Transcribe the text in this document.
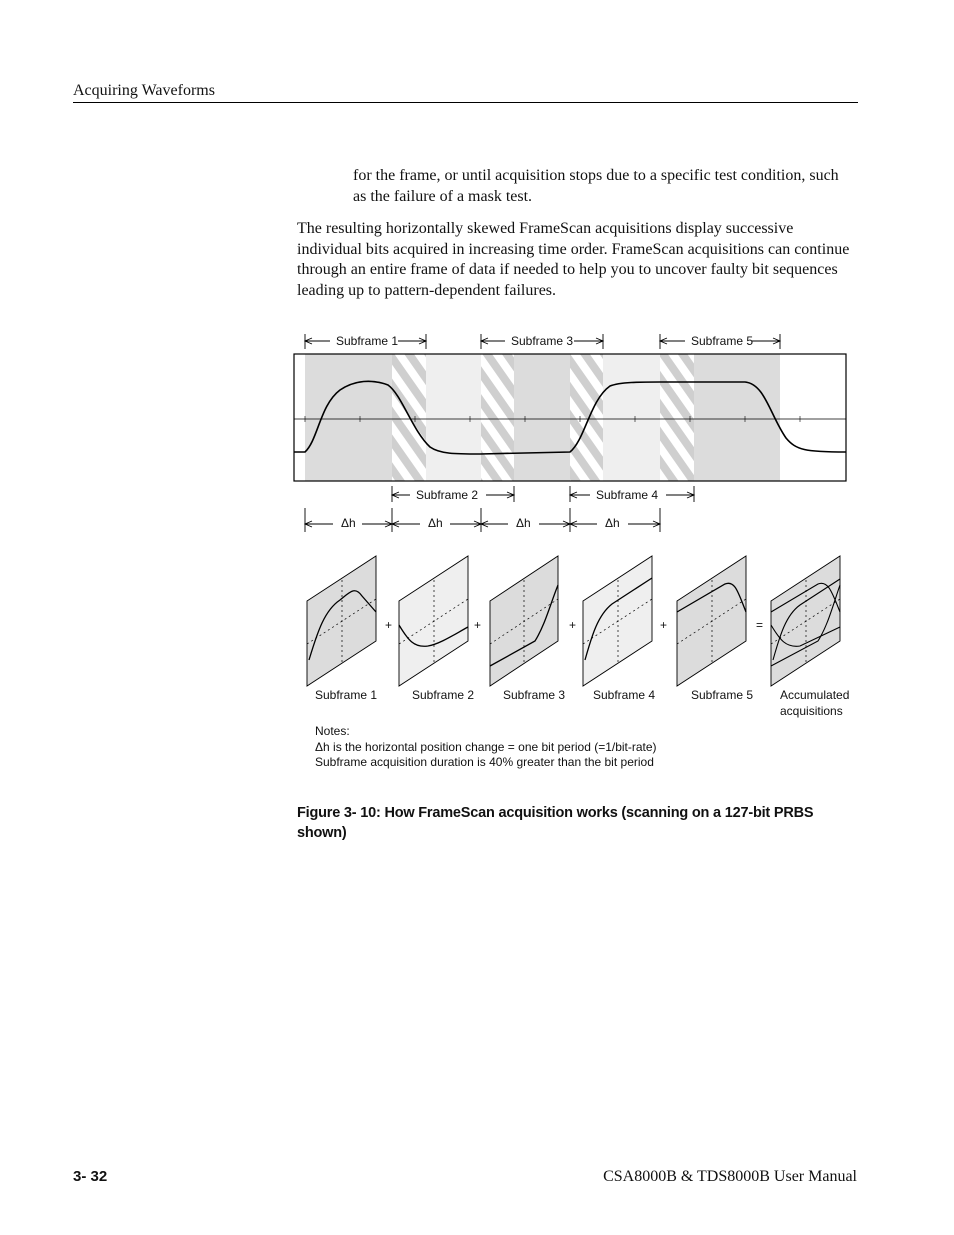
Acquiring Waveforms
for the frame, or until acquisition stops due to a specific test condition, such as the failure of a mask test.
The resulting horizontally skewed FrameScan acquisitions display successive individual bits acquired in increasing time order. FrameScan acquisitions can continue through an entire frame of data if needed to help you to uncover faulty bit sequences leading up to pattern-dependent failures.
Subframe 1	Subframe 3	Subframe 5
Subframe 2	Subframe 4
Δh	Δh	Δh	Δh
+	+	+	+	=
Subframe 1	Subframe 2 Subframe 3 Subframe 4	Subframe 5 Accumulated
acquisitions
Notes:
Δh is the horizontal position change = one bit period (=1/bit-rate)
Subframe acquisition duration is 40% greater than the bit period
Figure 3- 10: How FrameScan acquisition works (scanning on a 127-bit PRBS shown)
3- 32	CSA8000B & TDS8000B User Manual
